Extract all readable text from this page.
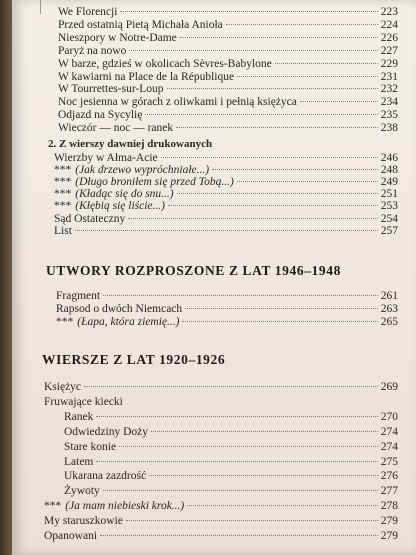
We Florencji	223
Przed ostatnią Pietą Michała Anioła	224
Nieszpory w Notre-Dame	226
Paryż na nowo	227
W barze, gdzieś w okolicach Sèvres-Babylone	229
W kawiarni na Place de la République	231
W Tourrettes-sur-Loup	232
Noc jesienna w górach z oliwkami i pełnią księżyca	234
Odjazd na Sycylię	235
Wieczór — noc — ranek	238
2. Z wierszy dawniej drukowanych
Wierzby w Ałma-Acie	246
*** (Jak drzewo wypróchniałe...)	248
*** (Długo broniłem się przed Tobą...)	249
*** (Kładąc się do snu...)	251
*** (Kłębią się liście...)	253
Sąd Ostateczny	254
List	257
UTWORY ROZPROSZONE Z LAT 1946–1948
Fragment	261
Rapsod o dwóch Niemcach	263
*** (Łapa, która ziemię...)	265
WIERSZE Z LAT 1920–1926
Księżyc	269
Fruwające kiecki
Ranek	270
Odwiedziny Doży	274
Stare konie	274
Latem	275
Ukarana zazdrość	276
Żywoty	277
*** (Ja mam niebieski krok...)	278
My staruszkowie	279
Opanowani	279
